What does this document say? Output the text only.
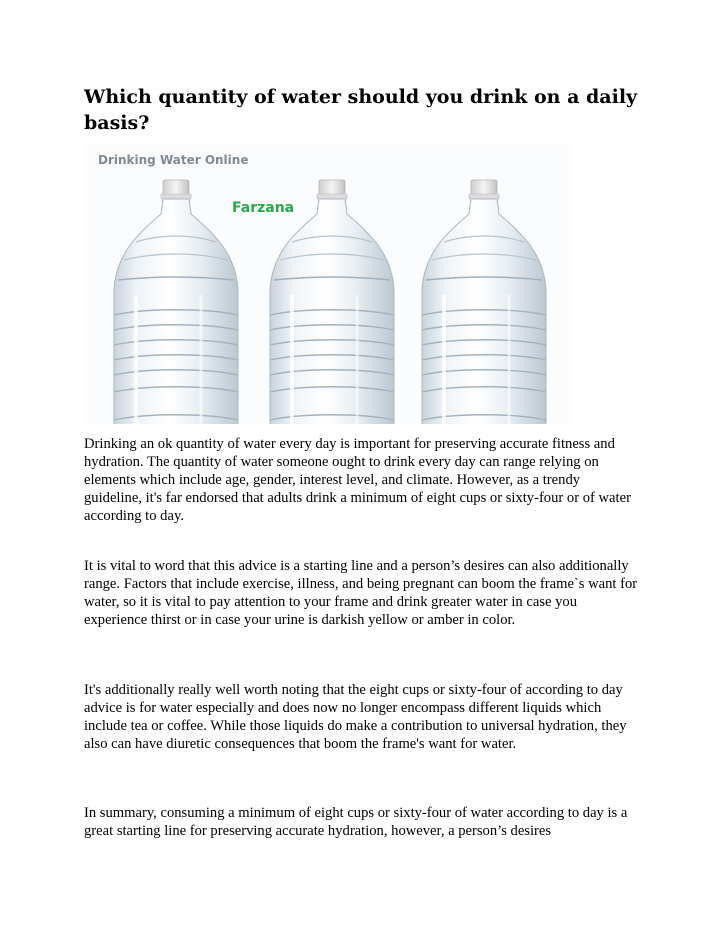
Which quantity of water should you drink on a daily basis?
Drinking Water Online
Farzana

Drinking an ok quantity of water every day is important for preserving accurate fitness and hydration. The quantity of water someone ought to drink every day can range relying on elements which include age, gender, interest level, and climate. However, as a trendy guideline, it's far endorsed that adults drink a minimum of eight cups or sixty-four or of water according to day.

It is vital to word that this advice is a starting line and a person’s desires can also additionally range. Factors that include exercise, illness, and being pregnant can boom the frame`s want for water, so it is vital to pay attention to your frame and drink greater water in case you experience thirst or in case your urine is darkish yellow or amber in color.

It's additionally really well worth noting that the eight cups or sixty-four of according to day advice is for water especially and does now no longer encompass different liquids which include tea or coffee. While those liquids do make a contribution to universal hydration, they also can have diuretic consequences that boom the frame's want for water.

In summary, consuming a minimum of eight cups or sixty-four of water according to day is a great starting line for preserving accurate hydration, however, a person’s desires
